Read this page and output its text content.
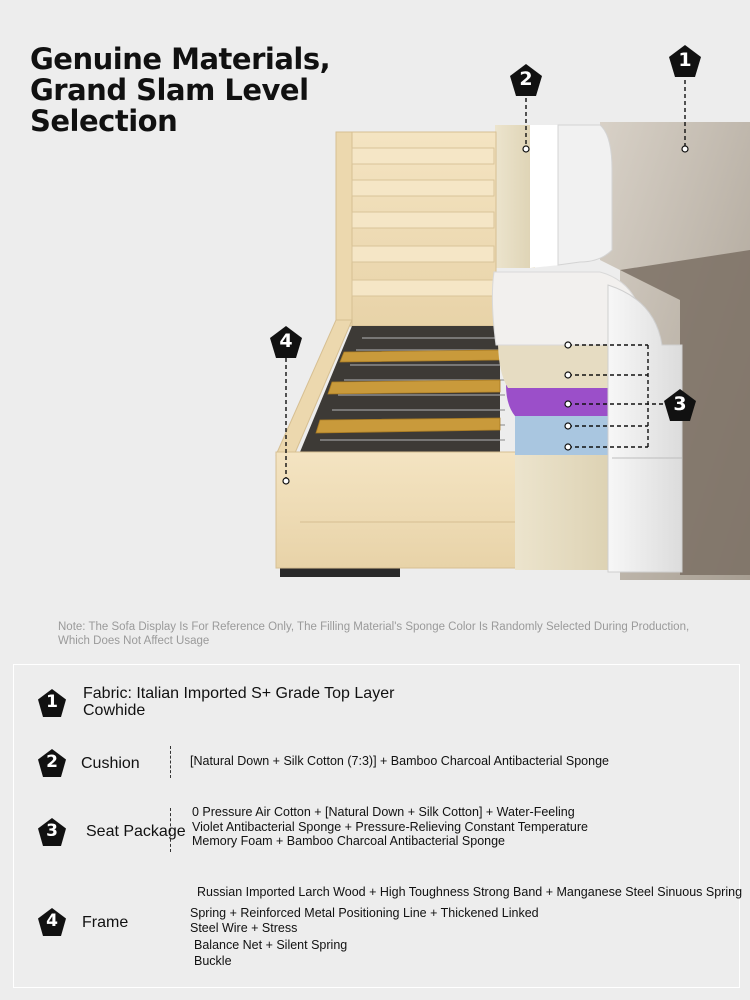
Genuine Materials,
Grand Slam Level
Selection
1
2
3
4
Note: The Sofa Display Is For Reference Only, The Filling Material's Sponge Color Is Randomly Selected During Production, Which Does Not Affect Usage
1	Fabric: Italian Imported S+ Grade Top Layer
Cowhide
2	Cushion	[Natural Down + Silk Cotton (7:3)] + Bamboo Charcoal Antibacterial Sponge
3	Seat Package
0 Pressure Air Cotton + [Natural Down + Silk Cotton] + Water-Feeling
Violet Antibacterial Sponge + Pressure-Relieving Constant Temperature
Memory Foam + Bamboo Charcoal Antibacterial Sponge
4	Frame
Russian Imported Larch Wood + High Toughness Strong Band + Manganese Steel Sinuous Spring
Spring + Reinforced Metal Positioning Line + Thickened Linked
Steel Wire + Stress
Balance Net + Silent Spring
Buckle
